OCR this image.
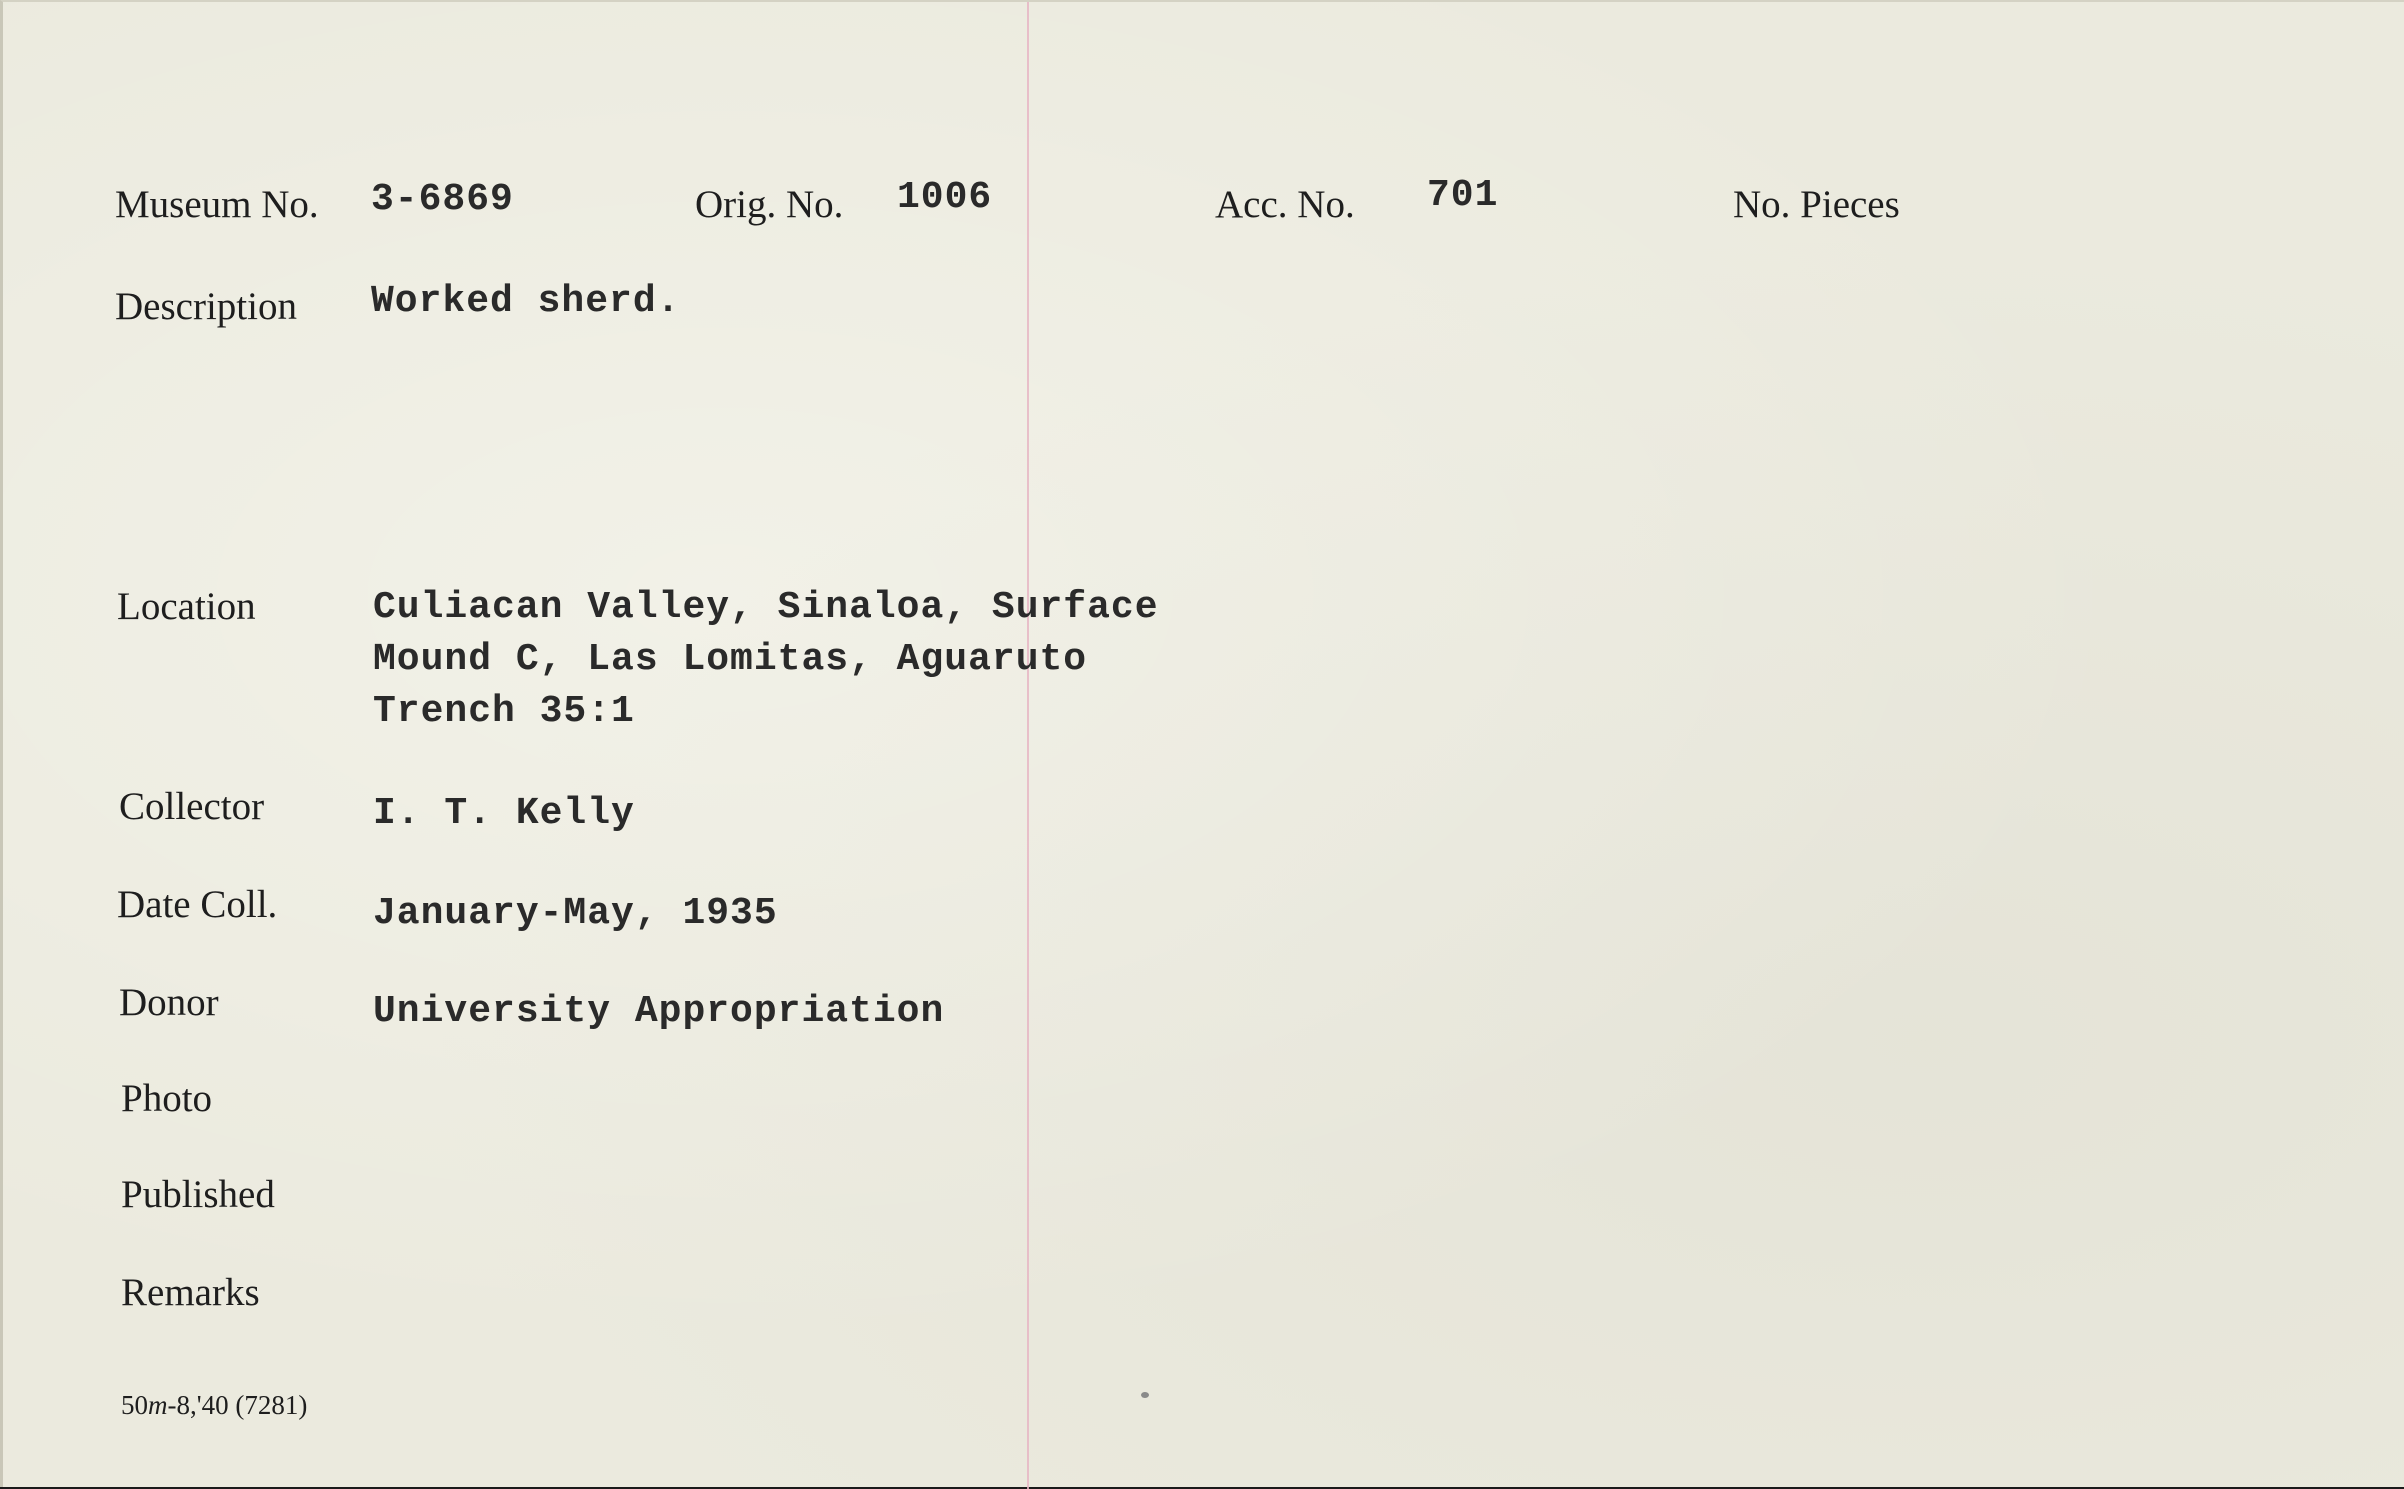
Museum No. 3-6869	Orig. No. 1006	Acc. No. 701	No. Pieces
Description Worked sherd.
Location	Culiacan Valley, Sinaloa, Surface
Mound C, Las Lomitas, Aguaruto
Trench 35:1
Collector	I. T. Kelly
Date Coll.	January-May, 1935
Donor	University Appropriation
Photo
Published
Remarks
50m-8,'40 (7281)
